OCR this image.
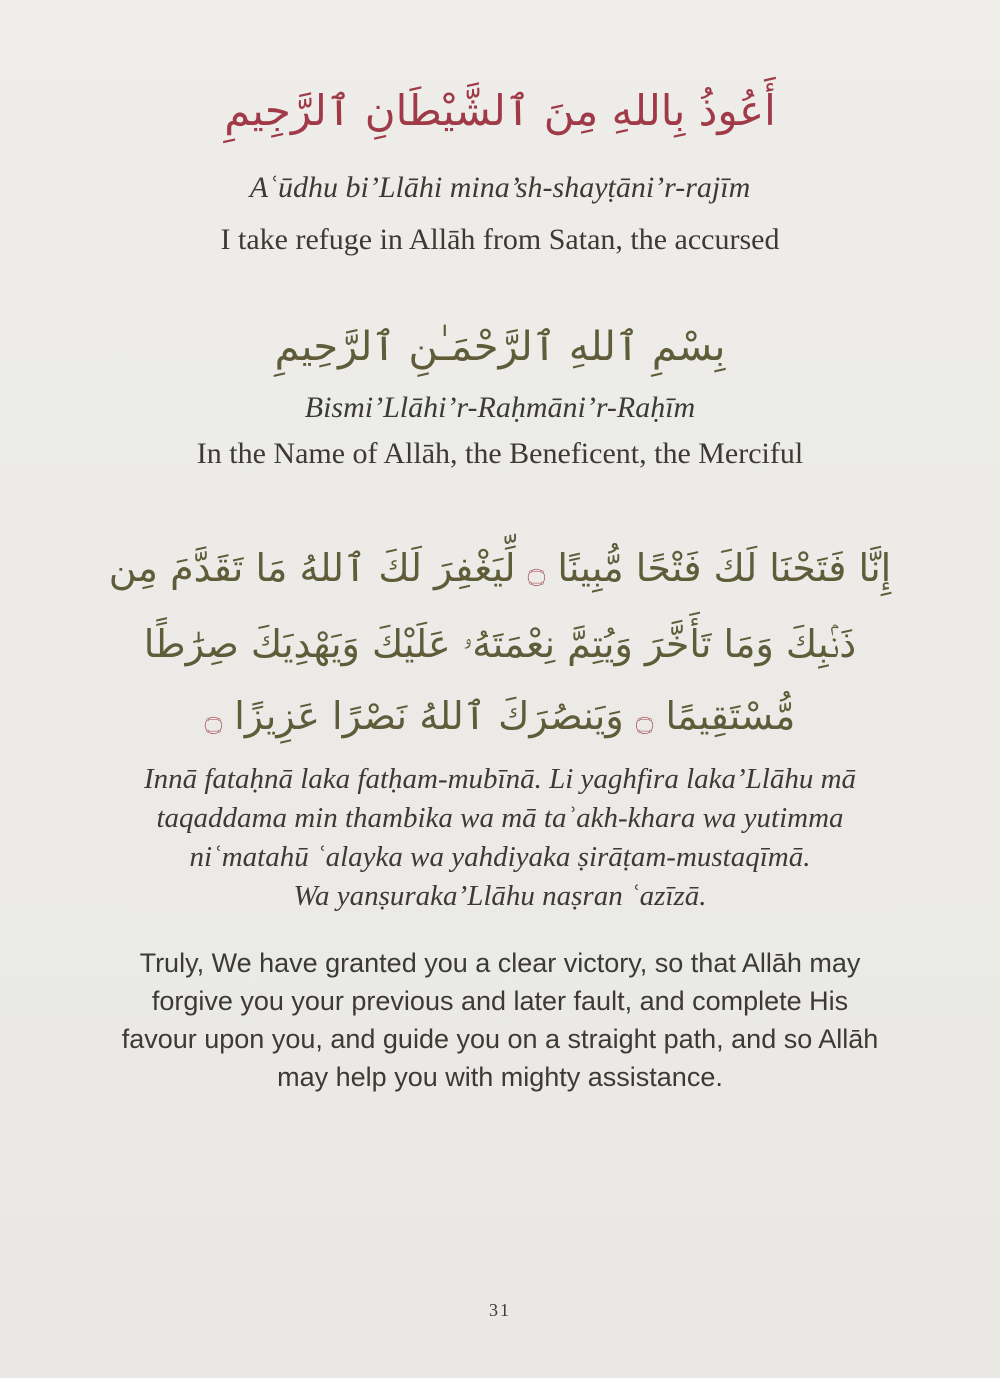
أَعُوذُ بِاللهِ مِنَ ٱلشَّيْطَانِ ٱلرَّجِيمِ
Aʿūdhu bi’Llāhi mina’sh-shayṭāni’r-rajīm
I take refuge in Allāh from Satan, the accursed
بِسْمِ ٱللهِ ٱلرَّحْمَـٰنِ ٱلرَّحِيمِ
Bismi’Llāhi’r-Raḥmāni’r-Raḥīm
In the Name of Allāh, the Beneficent, the Merciful
إِنَّا فَتَحْنَا لَكَ فَتْحًا مُّبِينًا ۝ لِّيَغْفِرَ لَكَ ٱللهُ مَا تَقَدَّمَ مِن
ذَنۢبِكَ وَمَا تَأَخَّرَ وَيُتِمَّ نِعْمَتَهُۥ عَلَيْكَ وَيَهْدِيَكَ صِرَٰطًا
مُّسْتَقِيمًا ۝ وَيَنصُرَكَ ٱللهُ نَصْرًا عَزِيزًا ۝
Innā fataḥnā laka fatḥam-mubīnā. Li yaghfira laka’Llāhu mā
taqaddama min thambika wa mā taʾakh-khara wa yutimma
niʿmatahū ʿalayka wa yahdiyaka ṣirāṭam-mustaqīmā.
Wa yanṣuraka’Llāhu naṣran ʿazīzā.
Truly, We have granted you a clear victory, so that Allāh may
forgive you your previous and later fault, and complete His
favour upon you, and guide you on a straight path, and so Allāh
may help you with mighty assistance.
31
